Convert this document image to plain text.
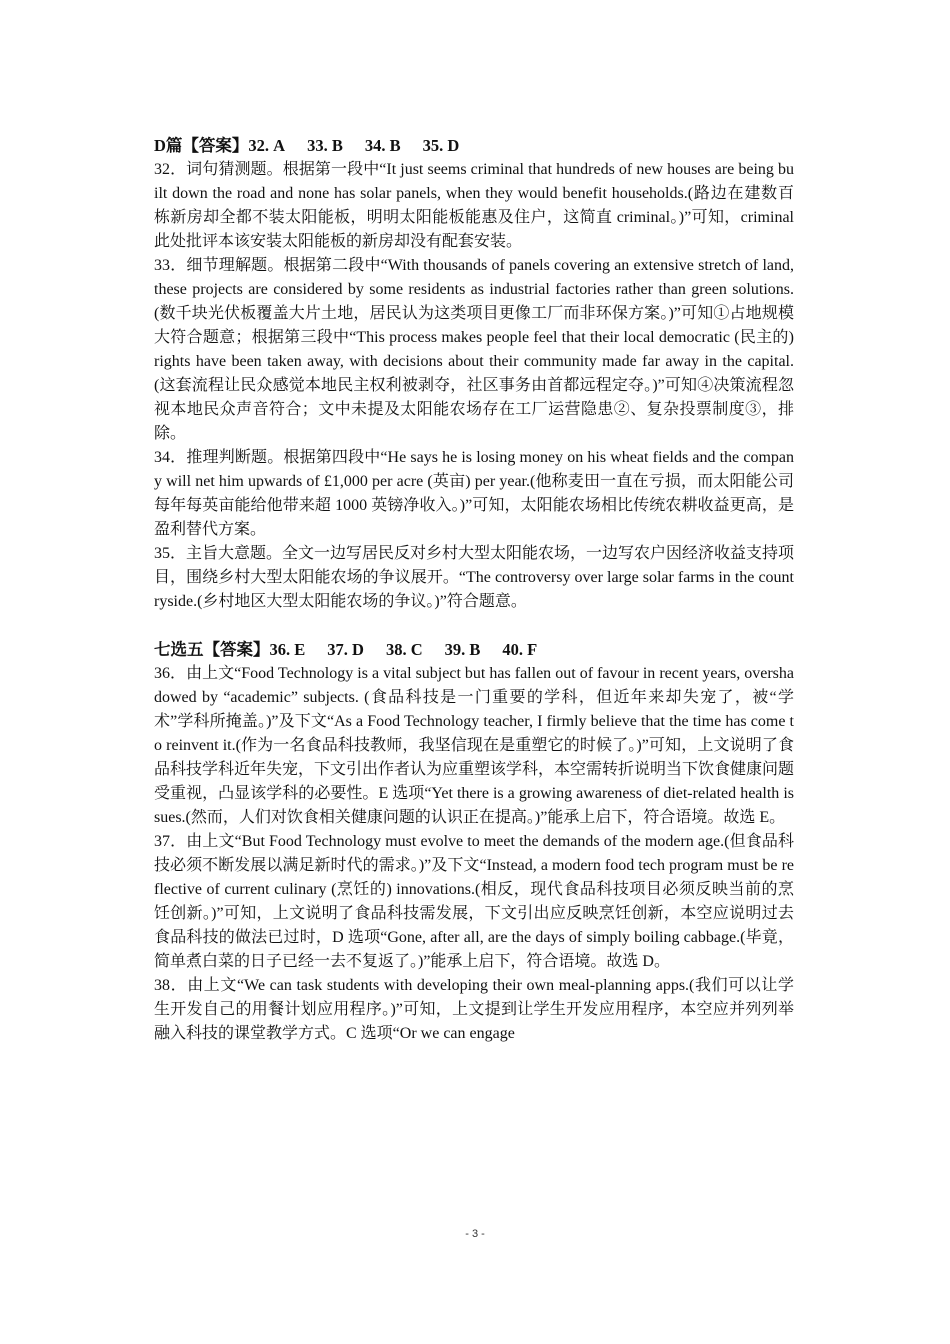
D篇【答案】32. A 33. B 34. B 35. D

32．词句猜测题。根据第一段中“It just seems criminal that hundreds of new houses are being built down the road and none has solar panels, when they would benefit households.(路边在建数百栋新房却全都不装太阳能板，明明太阳能板能惠及住户，这简直 criminal。)”可知，criminal 此处批评本该安装太阳能板的新房却没有配套安装。

33．细节理解题。根据第二段中“With thousands of panels covering an extensive stretch of land, these projects are considered by some residents as industrial factories rather than green solutions.(数千块光伏板覆盖大片土地，居民认为这类项目更像工厂而非环保方案。)”可知①占地规模大符合题意；根据第三段中“This process makes people feel that their local democratic (民主的) rights have been taken away, with decisions about their community made far away in the capital.(这套流程让民众感觉本地民主权利被剥夺，社区事务由首都远程定夺。)”可知④决策流程忽视本地民众声音符合；文中未提及太阳能农场存在工厂运营隐患②、复杂投票制度③，排除。

34．推理判断题。根据第四段中“He says he is losing money on his wheat fields and the company will net him upwards of £1,000 per acre (英亩) per year.(他称麦田一直在亏损，而太阳能公司每年每英亩能给他带来超 1000 英镑净收入。)”可知，太阳能农场相比传统农耕收益更高，是盈利替代方案。

35．主旨大意题。全文一边写居民反对乡村大型太阳能农场，一边写农户因经济收益支持项目，围绕乡村大型太阳能农场的争议展开。“The controversy over large solar farms in the countryside.(乡村地区大型太阳能农场的争议。)”符合题意。

七选五【答案】36. E 37. D 38. C 39. B 40. F

36．由上文“Food Technology is a vital subject but has fallen out of favour in recent years, overshadowed by “academic” subjects. (食品科技是一门重要的学科，但近年来却失宠了，被“学术”学科所掩盖。)”及下文“As a Food Technology teacher, I firmly believe that the time has come to reinvent it.(作为一名食品科技教师，我坚信现在是重塑它的时候了。)”可知，上文说明了食品科技学科近年失宠，下文引出作者认为应重塑该学科，本空需转折说明当下饮食健康问题受重视，凸显该学科的必要性。E 选项“Yet there is a growing awareness of diet-related health issues.(然而，人们对饮食相关健康问题的认识正在提高。)”能承上启下，符合语境。故选 E。

37．由上文“But Food Technology must evolve to meet the demands of the modern age.(但食品科技必须不断发展以满足新时代的需求。)”及下文“Instead, a modern food tech program must be reflective of current culinary (烹饪的) innovations.(相反，现代食品科技项目必须反映当前的烹饪创新。)”可知，上文说明了食品科技需发展，下文引出应反映烹饪创新，本空应说明过去食品科技的做法已过时，D 选项“Gone, after all, are the days of simply boiling cabbage.(毕竟，简单煮白菜的日子已经一去不复返了。)”能承上启下，符合语境。故选 D。

38．由上文“We can task students with developing their own meal-planning apps.(我们可以让学生开发自己的用餐计划应用程序。)”可知，上文提到让学生开发应用程序，本空应并列列举融入科技的课堂教学方式。C 选项“Or we can engage

- 3 -
